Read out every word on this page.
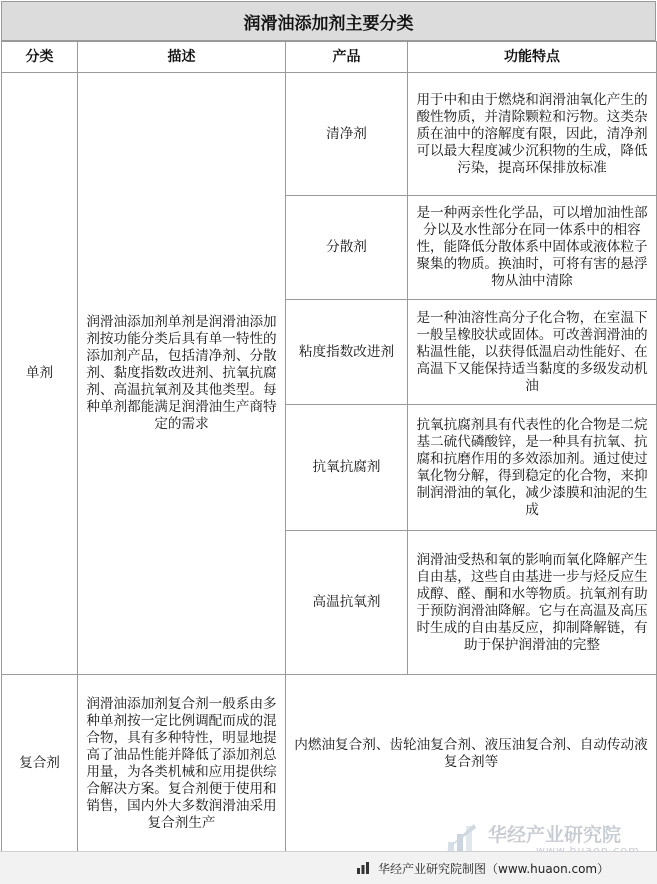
润滑油添加剂主要分类
分类	描述	产品	功能特点
单剂	润滑油添加剂单剂是润滑油添加剂按功能分类后具有单一特性的添加剂产品，包括清净剂、分散剂、黏度指数改进剂、抗氧抗腐剂、高温抗氧剂及其他类型。每种单剂都能满足润滑油生产商特定的需求	清净剂	用于中和由于燃烧和润滑油氧化产生的酸性物质，并清除颗粒和污物。这类杂质在油中的溶解度有限，因此，清净剂可以最大程度减少沉积物的生成，降低污染，提高环保排放标准
		分散剂	是一种两亲性化学品，可以增加油性部分以及水性部分在同一体系中的相容性，能降低分散体系中固体或液体粒子聚集的物质。换油时，可将有害的悬浮物从油中清除
		粘度指数改进剂	是一种油溶性高分子化合物，在室温下一般呈橡胶状或固体。可改善润滑油的粘温性能，以获得低温启动性能好、在高温下又能保持适当黏度的多级发动机油
		抗氧抗腐剂	抗氧抗腐剂具有代表性的化合物是二烷基二硫代磷酸锌，是一种具有抗氧、抗腐和抗磨作用的多效添加剂。通过使过氧化物分解，得到稳定的化合物，来抑制润滑油的氧化，减少漆膜和油泥的生成
		高温抗氧剂	润滑油受热和氧的影响而氧化降解产生自由基，这些自由基进一步与烃反应生成醇、醛、酮和水等物质。抗氧剂有助于预防润滑油降解。它与在高温及高压时生成的自由基反应，抑制降解链，有助于保护润滑油的完整
复合剂	润滑油添加剂复合剂一般系由多种单剂按一定比例调配而成的混合物，具有多种特性，明显地提高了油品性能并降低了添加剂总用量，为各类机械和应用提供综合解决方案。复合剂便于使用和销售，国内外大多数润滑油采用复合剂生产	内燃油复合剂、齿轮油复合剂、液压油复合剂、自动传动液复合剂等	
华经产业研究院
华经产业研究院制图（www.huaon.com）
